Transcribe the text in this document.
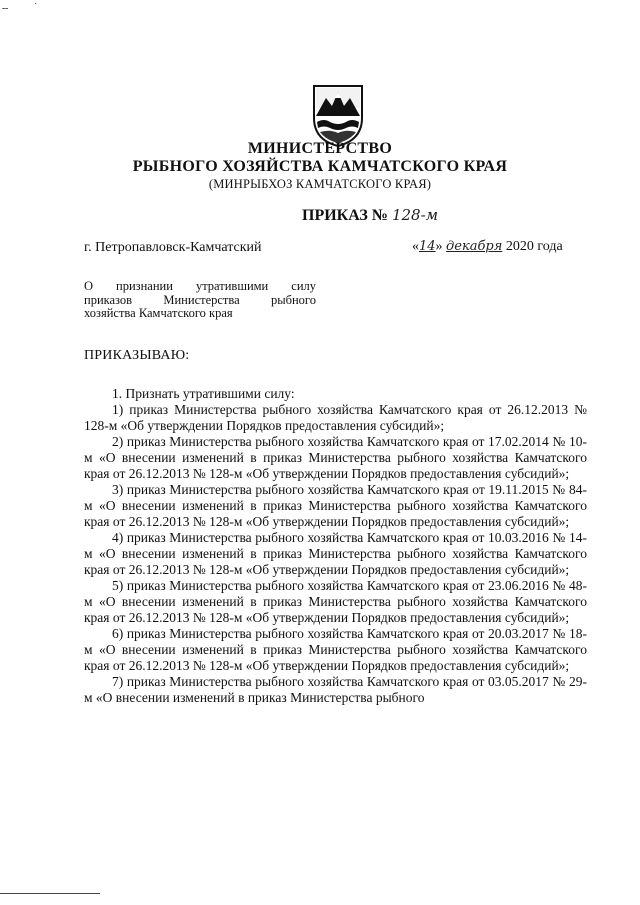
╌	˙
МИНИСТЕРСТВО
РЫБНОГО ХОЗЯЙСТВА КАМЧАТСКОГО КРАЯ
(МИНРЫБХОЗ КАМЧАТСКОГО КРАЯ)
ПРИКАЗ № 128-м
г. Петропавловск-Камчатский	«14» декабря 2020 года
О признании утратившими силу
приказов Министерства рыбного
хозяйства Камчатского края
ПРИКАЗЫВАЮ:

1. Признать утратившими силу:

1) приказ Министерства рыбного хозяйства Камчатского края от 26.12.2013 № 128-м «Об утверждении Порядков предоставления субсидий»;

2) приказ Министерства рыбного хозяйства Камчатского края от 17.02.2014 № 10-м «О внесении изменений в приказ Министерства рыбного хозяйства Камчатского края от 26.12.2013 № 128-м «Об утверждении Порядков предоставления субсидий»;

3) приказ Министерства рыбного хозяйства Камчатского края от 19.11.2015 № 84-м «О внесении изменений в приказ Министерства рыбного хозяйства Камчатского края от 26.12.2013 № 128-м «Об утверждении Порядков предоставления субсидий»;

4) приказ Министерства рыбного хозяйства Камчатского края от 10.03.2016 № 14-м «О внесении изменений в приказ Министерства рыбного хозяйства Камчатского края от 26.12.2013 № 128-м «Об утверждении Порядков предоставления субсидий»;

5) приказ Министерства рыбного хозяйства Камчатского края от 23.06.2016 № 48-м «О внесении изменений в приказ Министерства рыбного хозяйства Камчатского края от 26.12.2013 № 128-м «Об утверждении Порядков предоставления субсидий»;

6) приказ Министерства рыбного хозяйства Камчатского края от 20.03.2017 № 18-м «О внесении изменений в приказ Министерства рыбного хозяйства Камчатского края от 26.12.2013 № 128-м «Об утверждении Порядков предоставления субсидий»;

7) приказ Министерства рыбного хозяйства Камчатского края от 03.05.2017 № 29-м «О внесении изменений в приказ Министерства рыбного
